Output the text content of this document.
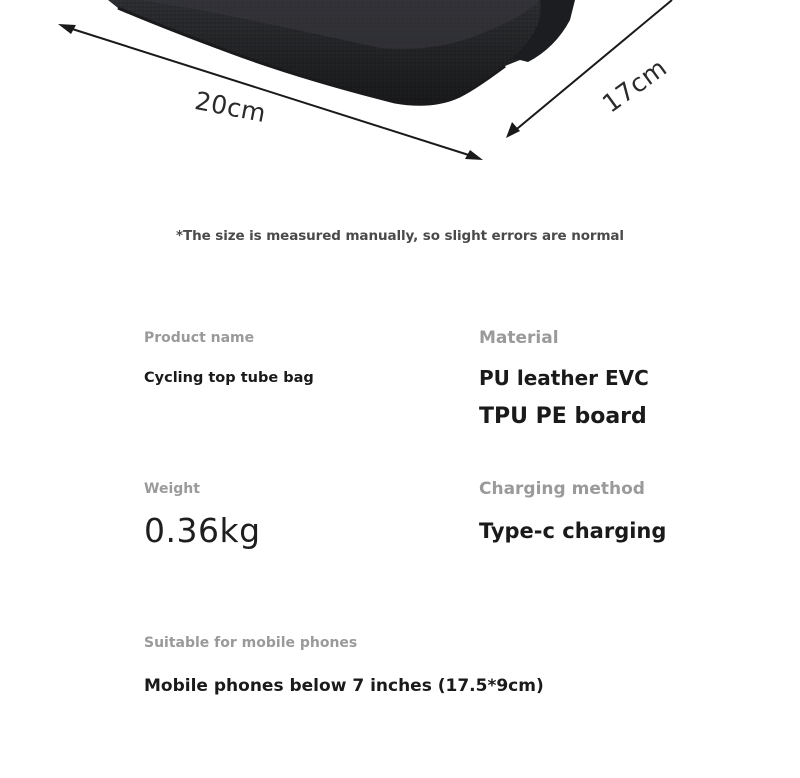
20cm	17cm
*The size is measured manually, so slight errors are normal
Product name
Cycling top tube bag
Material
PU leather EVC
TPU PE board
Weight
0.36kg
Charging method
Type-c charging
Suitable for mobile phones
Mobile phones below 7 inches (17.5*9cm)
